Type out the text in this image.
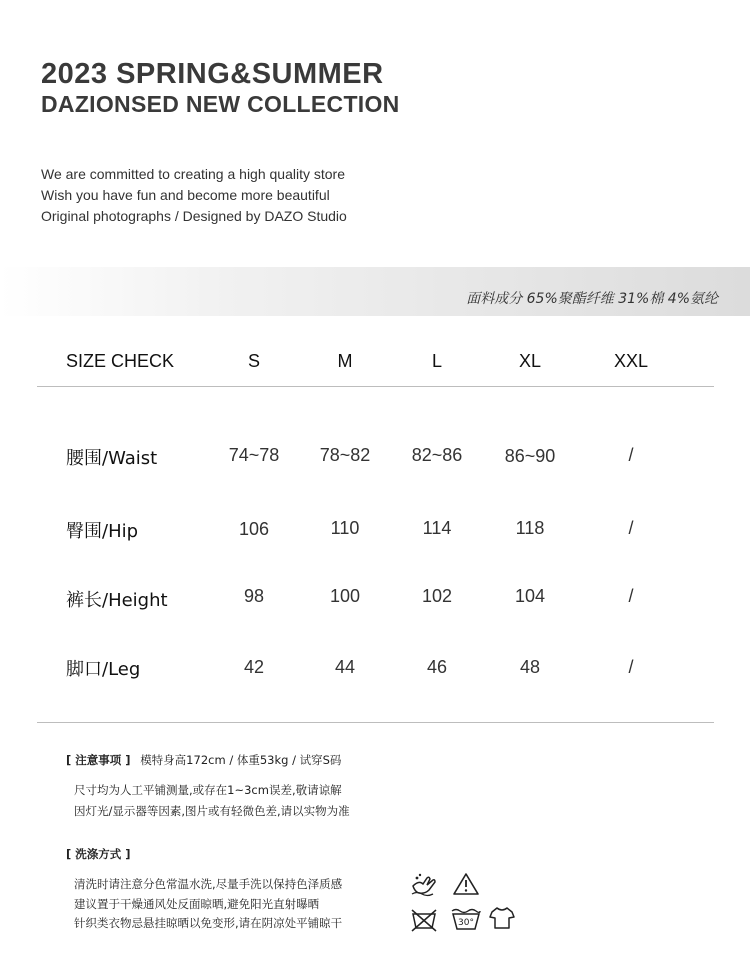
2023 SPRING&SUMMER
DAZIONSED NEW COLLECTION
We are committed to creating a high quality store
Wish you have fun and become more beautiful
Original photographs / Designed by DAZO Studio
面料成分 65%聚酯纤维 31%棉 4%氨纶
SIZE CHECK	S	M	L	XL	XXL
腰围/Waist	74~78	78~82	82~86	86~90	/
臀围/Hip	106	110	114	118	/
裤长/Height	98	100	102	104	/
脚口/Leg	42	44	46	48	/
[ 注意事项 ] 模特身高172cm / 体重53kg / 试穿S码
尺寸均为人工平铺测量,或存在1~3cm误差,敬请谅解
因灯光/显示器等因素,图片或有轻微色差,请以实物为准
[ 洗涤方式 ]
清洗时请注意分色常温水洗,尽量手洗以保持色泽质感
建议置于干燥通风处反面晾晒,避免阳光直射曝晒
针织类衣物忌悬挂晾晒以免变形,请在阴凉处平铺晾干	30°
